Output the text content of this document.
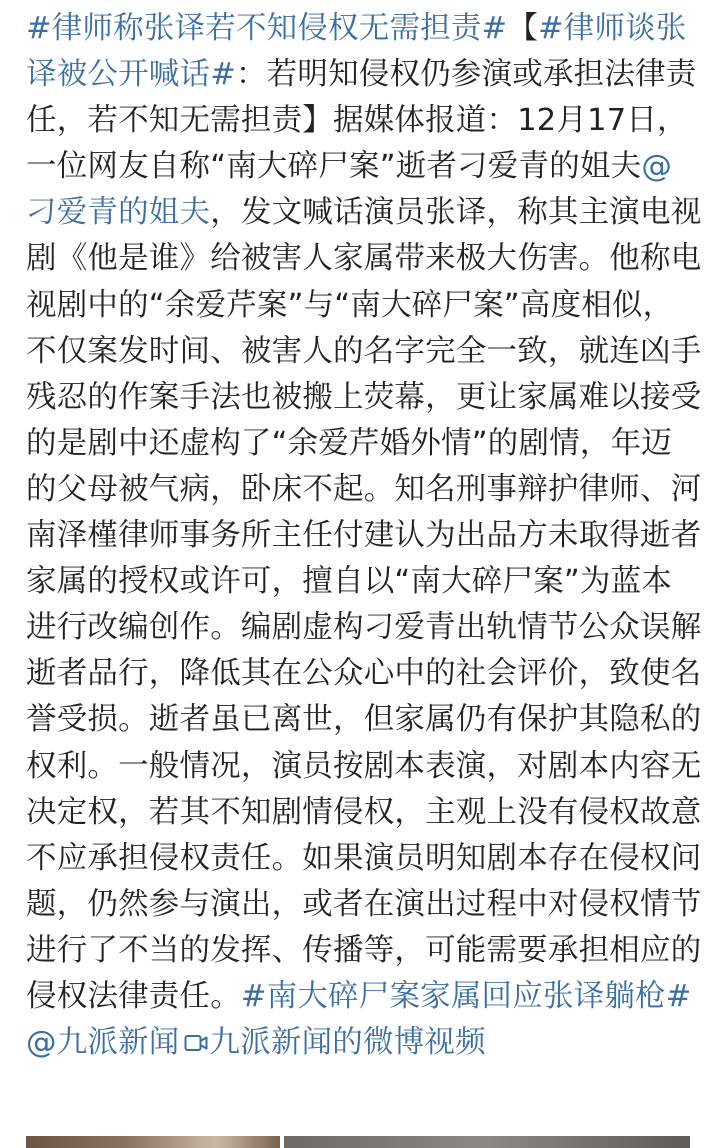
#律师称张译若不知侵权无需担责#【#律师谈张译被公开喊话#：若明知侵权仍参演或承担法律责任，若不知无需担责】据媒体报道：12月17日，一位网友自称“南大碎尸案”逝者刁爱青的姐夫@刁爱青的姐夫，发文喊话演员张译，称其主演电视剧《他是谁》给被害人家属带来极大伤害。他称电视剧中的“余爱芹案”与“南大碎尸案”高度相似，不仅案发时间、被害人的名字完全一致，就连凶手残忍的作案手法也被搬上荧幕，更让家属难以接受的是剧中还虚构了“余爱芹婚外情”的剧情，年迈的父母被气病，卧床不起。知名刑事辩护律师、河南泽槿律师事务所主任付建认为出品方未取得逝者家属的授权或许可，擅自以“南大碎尸案”为蓝本进行改编创作。编剧虚构刁爱青出轨情节公众误解逝者品行，降低其在公众心中的社会评价，致使名誉受损。逝者虽已离世，但家属仍有保护其隐私的权利。一般情况，演员按剧本表演，对剧本内容无决定权，若其不知剧情侵权，主观上没有侵权故意不应承担侵权责任。如果演员明知剧本存在侵权问题，仍然参与演出，或者在演出过程中对侵权情节进行了不当的发挥、传播等，可能需要承担相应的侵权法律责任。#南大碎尸案家属回应张译躺枪#@九派新闻 九派新闻的微博视频
